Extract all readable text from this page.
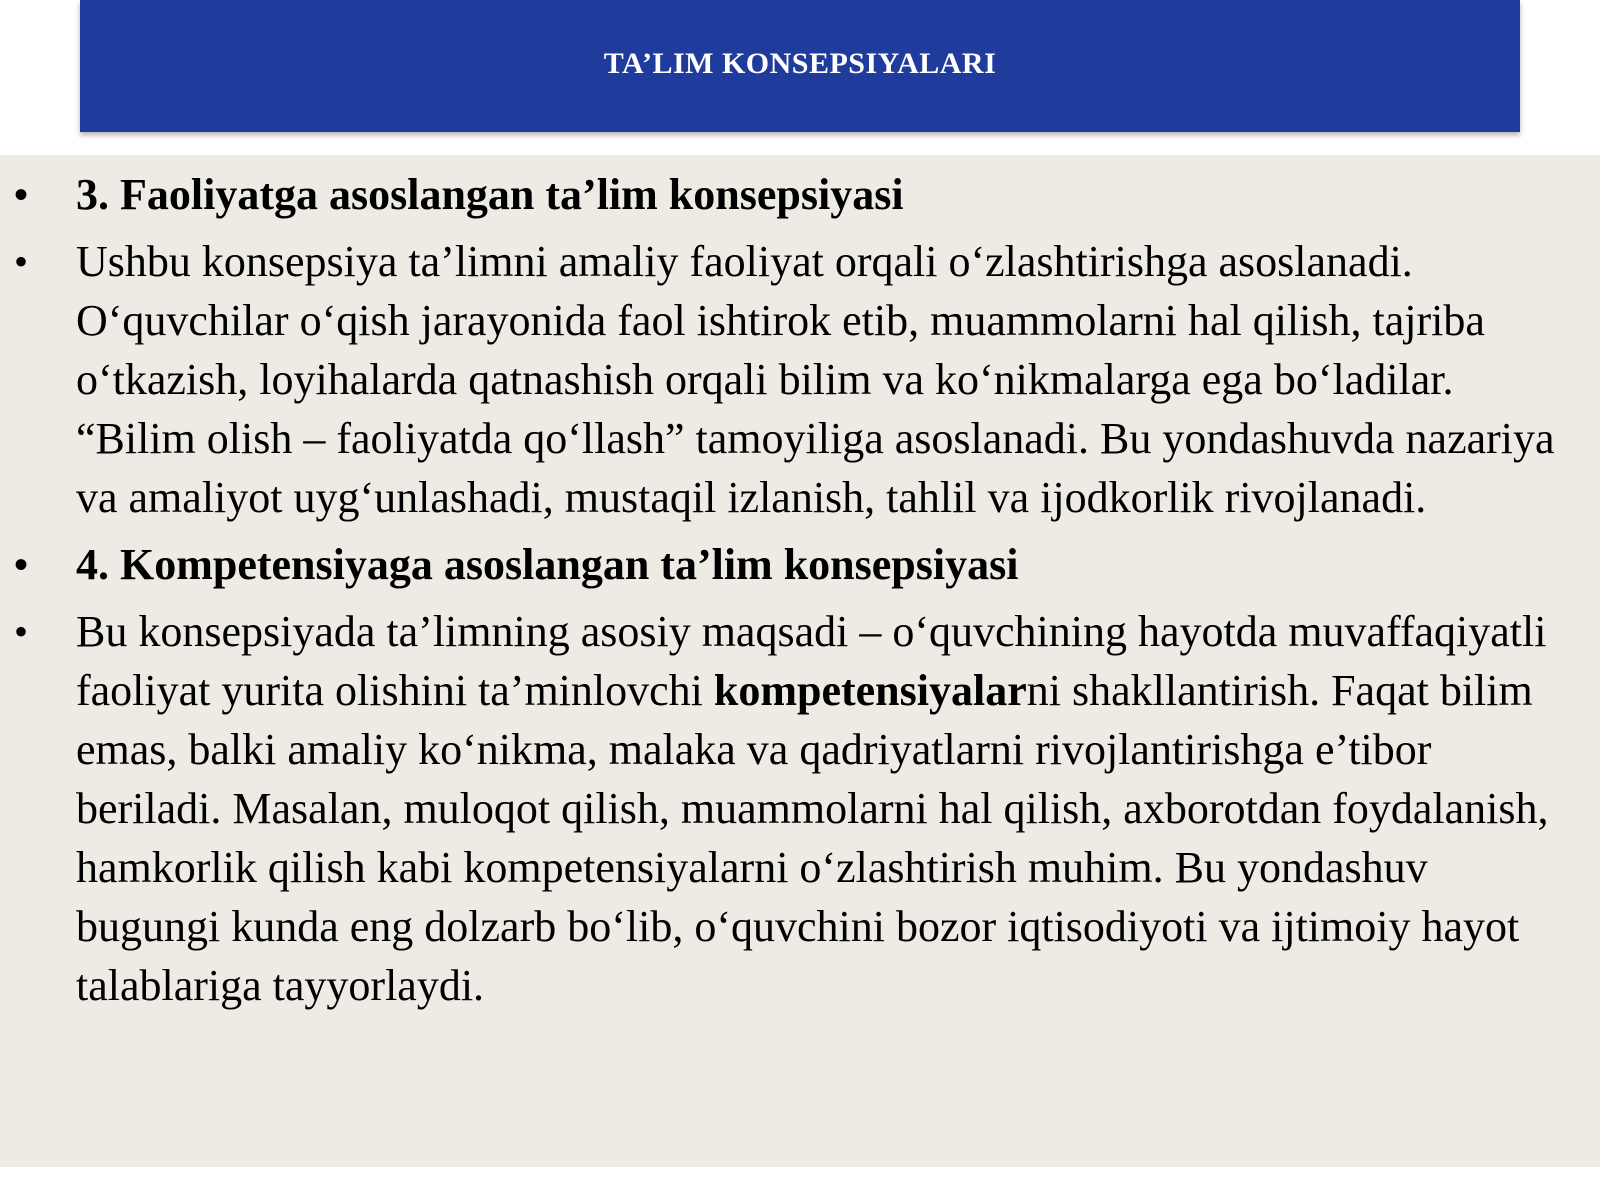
TA’LIM KONSEPSIYALARI
• 3. Faoliyatga asoslangan ta’lim konsepsiyasi
• Ushbu konsepsiya ta’limni amaliy faoliyat orqali o‘zlashtirishga asoslanadi. O‘quvchilar o‘qish jarayonida faol ishtirok etib, muammolarni hal qilish, tajriba o‘tkazish, loyihalarda qatnashish orqali bilim va ko‘nikmalarga ega bo‘ladilar. “Bilim olish – faoliyatda qo‘llash” tamoyiliga asoslanadi. Bu yondashuvda nazariya va amaliyot uyg‘unlashadi, mustaqil izlanish, tahlil va ijodkorlik rivojlanadi.
• 4. Kompetensiyaga asoslangan ta’lim konsepsiyasi
• Bu konsepsiyada ta’limning asosiy maqsadi – o‘quvchining hayotda muvaffaqiyatli faoliyat yurita olishini ta’minlovchi kompetensiyalarni shakllantirish. Faqat bilim emas, balki amaliy ko‘nikma, malaka va qadriyatlarni rivojlantirishga e’tibor beriladi. Masalan, muloqot qilish, muammolarni hal qilish, axborotdan foydalanish, hamkorlik qilish kabi kompetensiyalarni o‘zlashtirish muhim. Bu yondashuv bugungi kunda eng dolzarb bo‘lib, o‘quvchini bozor iqtisodiyoti va ijtimoiy hayot talablariga tayyorlaydi.
